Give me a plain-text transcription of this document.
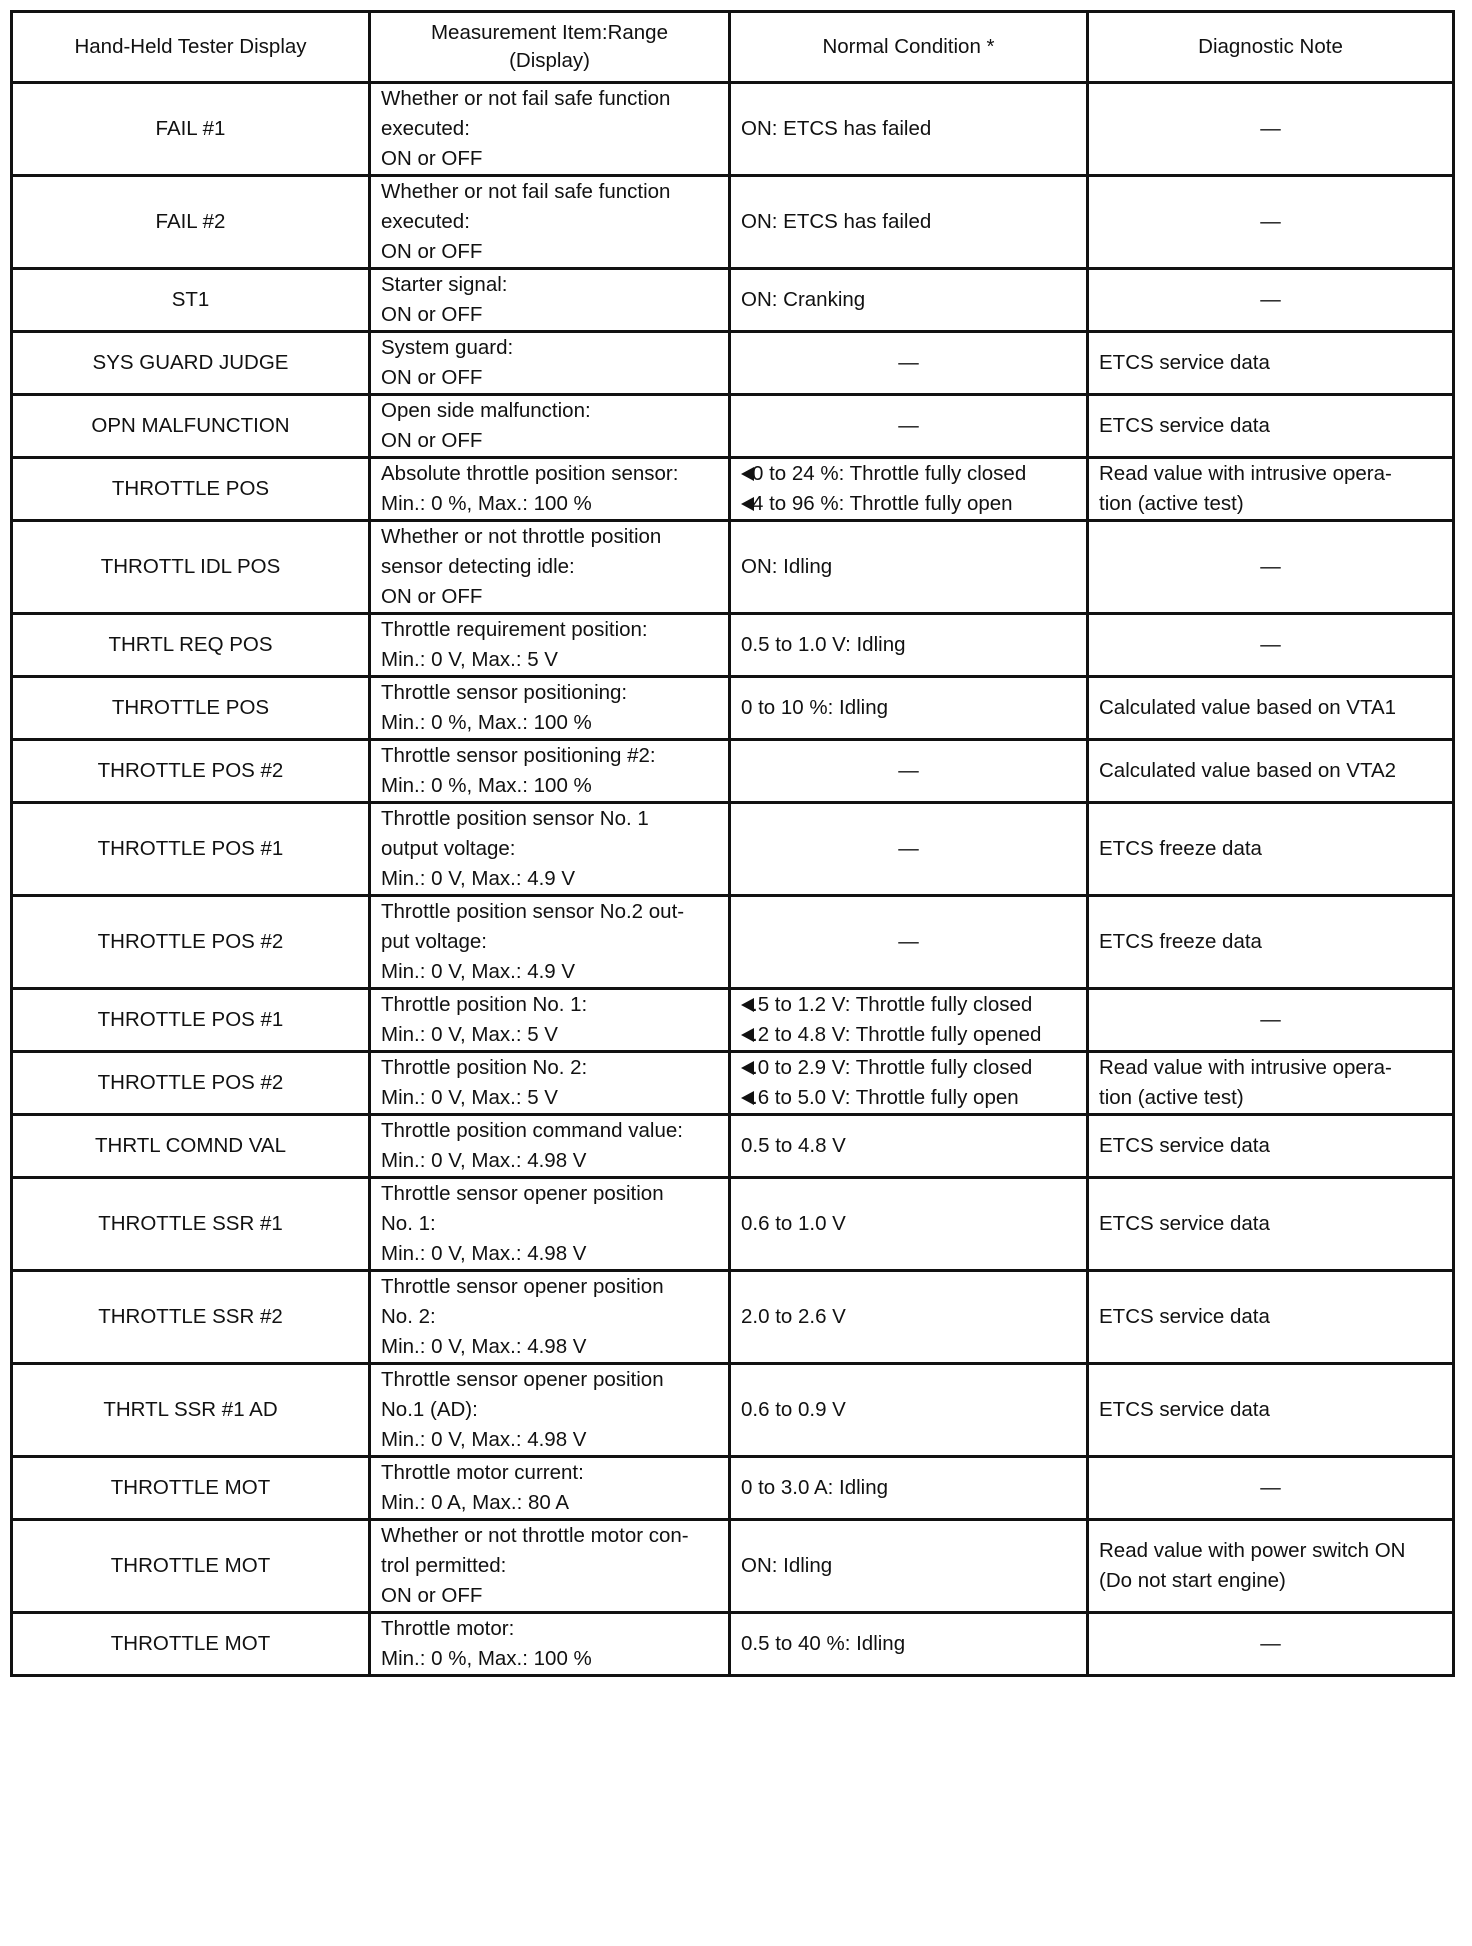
Hand-Held Tester Display	Measurement Item:Range
(Display)	Normal Condition *	Diagnostic Note
FAIL #1	Whether or not fail safe function
executed:
ON or OFF	ON: ETCS has failed	—
FAIL #2	Whether or not fail safe function
executed:
ON or OFF	ON: ETCS has failed	—
ST1	Starter signal:
ON or OFF	ON: Cranking	—
SYS GUARD JUDGE	System guard:
ON or OFF	—	ETCS service data
OPN MALFUNCTION	Open side malfunction:
ON or OFF	—	ETCS service data
THROTTLE POS	Absolute throttle position sensor:
Min.: 0 %, Max.: 100 %	0 to 24 %: Throttle fully closed
4 to 96 %: Throttle fully open	Read value with intrusive opera-
tion (active test)
THROTTL IDL POS	Whether or not throttle position
sensor detecting idle:
ON or OFF	ON: Idling	—
THRTL REQ POS	Throttle requirement position:
Min.: 0 V, Max.: 5 V	0.5 to 1.0 V: Idling	—
THROTTLE POS	Throttle sensor positioning:
Min.: 0 %, Max.: 100 %	0 to 10 %: Idling	Calculated value based on VTA1
THROTTLE POS #2	Throttle sensor positioning #2:
Min.: 0 %, Max.: 100 %	—	Calculated value based on VTA2
THROTTLE POS #1	Throttle position sensor No. 1
output voltage:
Min.: 0 V, Max.: 4.9 V	—	ETCS freeze data
THROTTLE POS #2	Throttle position sensor No.2 out-
put voltage:
Min.: 0 V, Max.: 4.9 V	—	ETCS freeze data
THROTTLE POS #1	Throttle position No. 1:
Min.: 0 V, Max.: 5 V	.5 to 1.2 V: Throttle fully closed
.2 to 4.8 V: Throttle fully opened	—
THROTTLE POS #2	Throttle position No. 2:
Min.: 0 V, Max.: 5 V	.0 to 2.9 V: Throttle fully closed
.6 to 5.0 V: Throttle fully open	Read value with intrusive opera-
tion (active test)
THRTL COMND VAL	Throttle position command value:
Min.: 0 V, Max.: 4.98 V	0.5 to 4.8 V	ETCS service data
THROTTLE SSR #1	Throttle sensor opener position
No. 1:
Min.: 0 V, Max.: 4.98 V	0.6 to 1.0 V	ETCS service data
THROTTLE SSR #2	Throttle sensor opener position
No. 2:
Min.: 0 V, Max.: 4.98 V	2.0 to 2.6 V	ETCS service data
THRTL SSR #1 AD	Throttle sensor opener position
No.1 (AD):
Min.: 0 V, Max.: 4.98 V	0.6 to 0.9 V	ETCS service data
THROTTLE MOT	Throttle motor current:
Min.: 0 A, Max.: 80 A	0 to 3.0 A: Idling	—
THROTTLE MOT	Whether or not throttle motor con-
trol permitted:
ON or OFF	ON: Idling	Read value with power switch ON
(Do not start engine)
THROTTLE MOT	Throttle motor:
Min.: 0 %, Max.: 100 %	0.5 to 40 %: Idling	—
